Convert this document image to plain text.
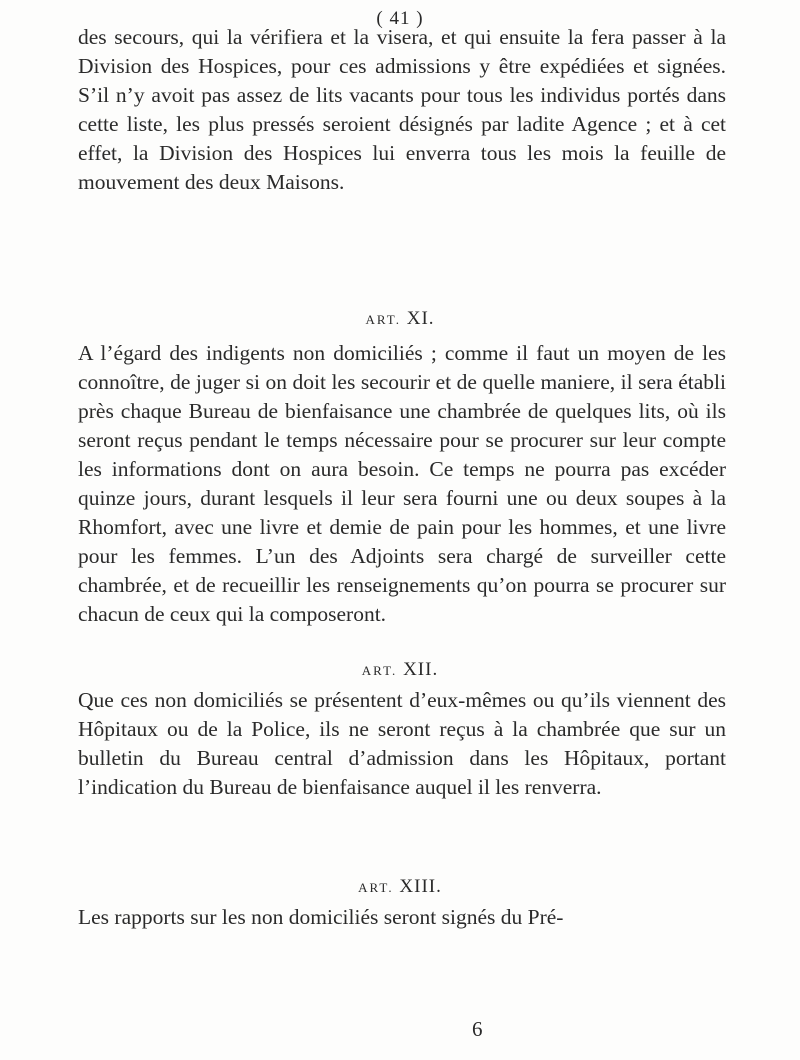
( 41 )

des secours, qui la vérifiera et la visera, et qui ensuite la fera passer à la Division des Hospices, pour ces admissions y être expédiées et signées. S’il n’y avoit pas assez de lits vacants pour tous les individus portés dans cette liste, les plus pressés seroient désignés par ladite Agence ; et à cet effet, la Division des Hospices lui enverra tous les mois la feuille de mouvement des deux Maisons.

ART. XI.

A l’égard des indigents non domiciliés ; comme il faut un moyen de les connoître, de juger si on doit les secourir et de quelle maniere, il sera établi près chaque Bureau de bienfaisance une chambrée de quelques lits, où ils seront reçus pendant le temps nécessaire pour se procurer sur leur compte les informations dont on aura besoin. Ce temps ne pourra pas excéder quinze jours, durant lesquels il leur sera fourni une ou deux soupes à la Rhomfort, avec une livre et demie de pain pour les hommes, et une livre pour les femmes. L’un des Adjoints sera chargé de surveiller cette chambrée, et de recueillir les renseignements qu’on pourra se procurer sur chacun de ceux qui la composeront.

ART. XII.

Que ces non domiciliés se présentent d’eux-mêmes ou qu’ils viennent des Hôpitaux ou de la Police, ils ne seront reçus à la chambrée que sur un bulletin du Bureau central d’admission dans les Hôpitaux, portant l’indication du Bureau de bienfaisance auquel il les renverra.

ART. XIII.

Les rapports sur les non domiciliés seront signés du Pré-

6
